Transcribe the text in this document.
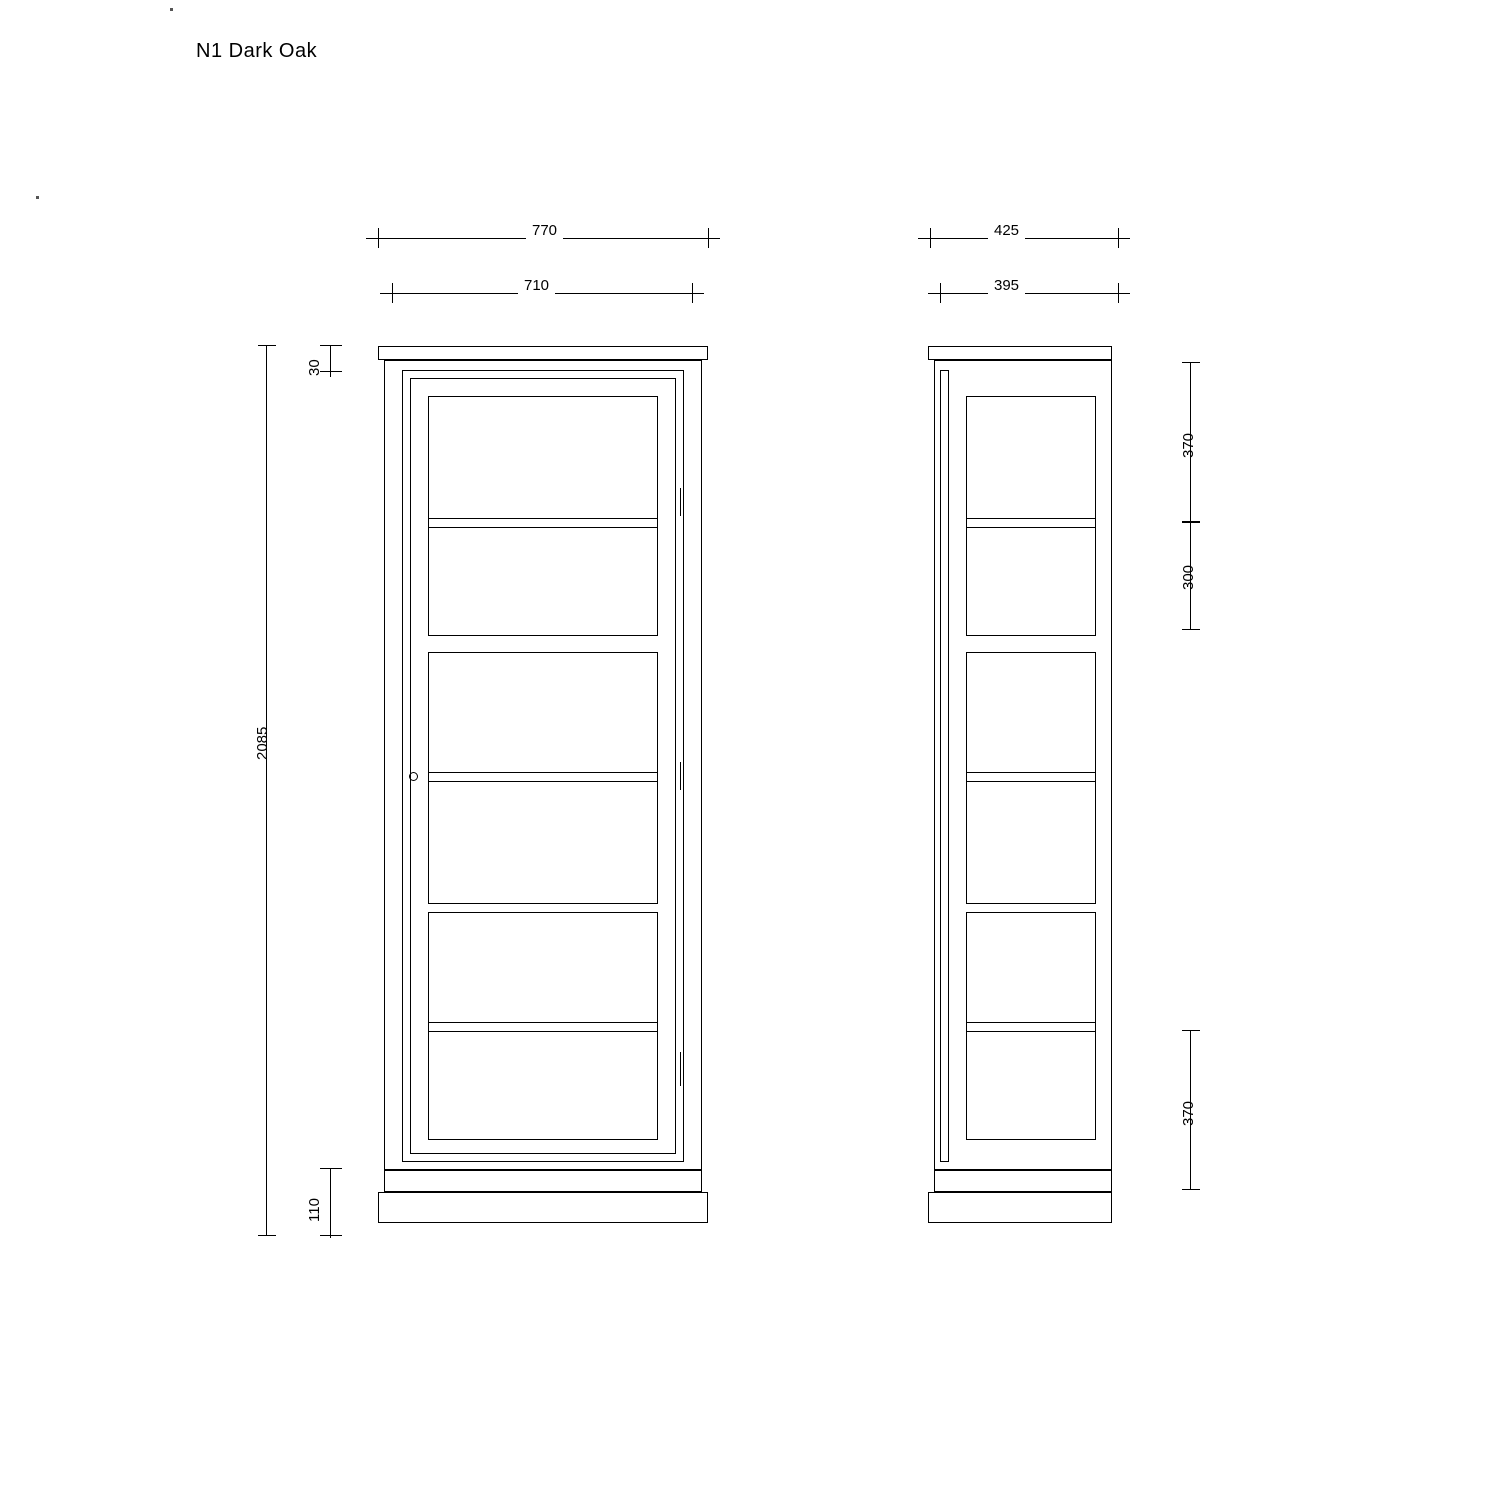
N1 Dark Oak
770
710
2085
30
110
425
395
370
300
370
